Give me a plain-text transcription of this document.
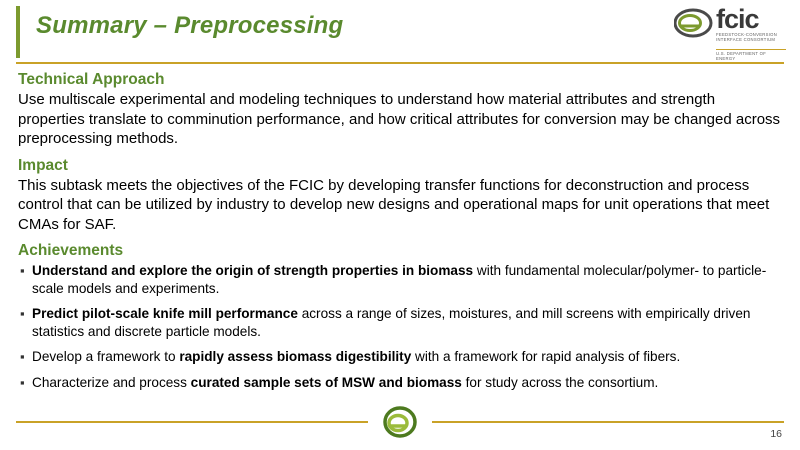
Summary – Preprocessing	fcic
FEEDSTOCK-CONVERSION INTERFACE CONSORTIUM
U.S. DEPARTMENT OF ENERGY
Technical Approach

Use multiscale experimental and modeling techniques to understand how material attributes and strength properties translate to comminution performance, and how critical attributes for conversion may be changed across preprocessing methods.

Impact

This subtask meets the objectives of the FCIC by developing transfer functions for deconstruction and process control that can be utilized by industry to develop new designs and operational maps for unit operations that meet CMAs for SAF.

Achievements
▪ Understand and explore the origin of strength properties in biomass with fundamental molecular/polymer- to particle-scale models and experiments.
▪ Predict pilot-scale knife mill performance across a range of sizes, moistures, and mill screens with empirically driven statistics and discrete particle models.
▪ Develop a framework to rapidly assess biomass digestibility with a framework for rapid analysis of fibers.
▪ Characterize and process curated sample sets of MSW and biomass for study across the consortium.
16
